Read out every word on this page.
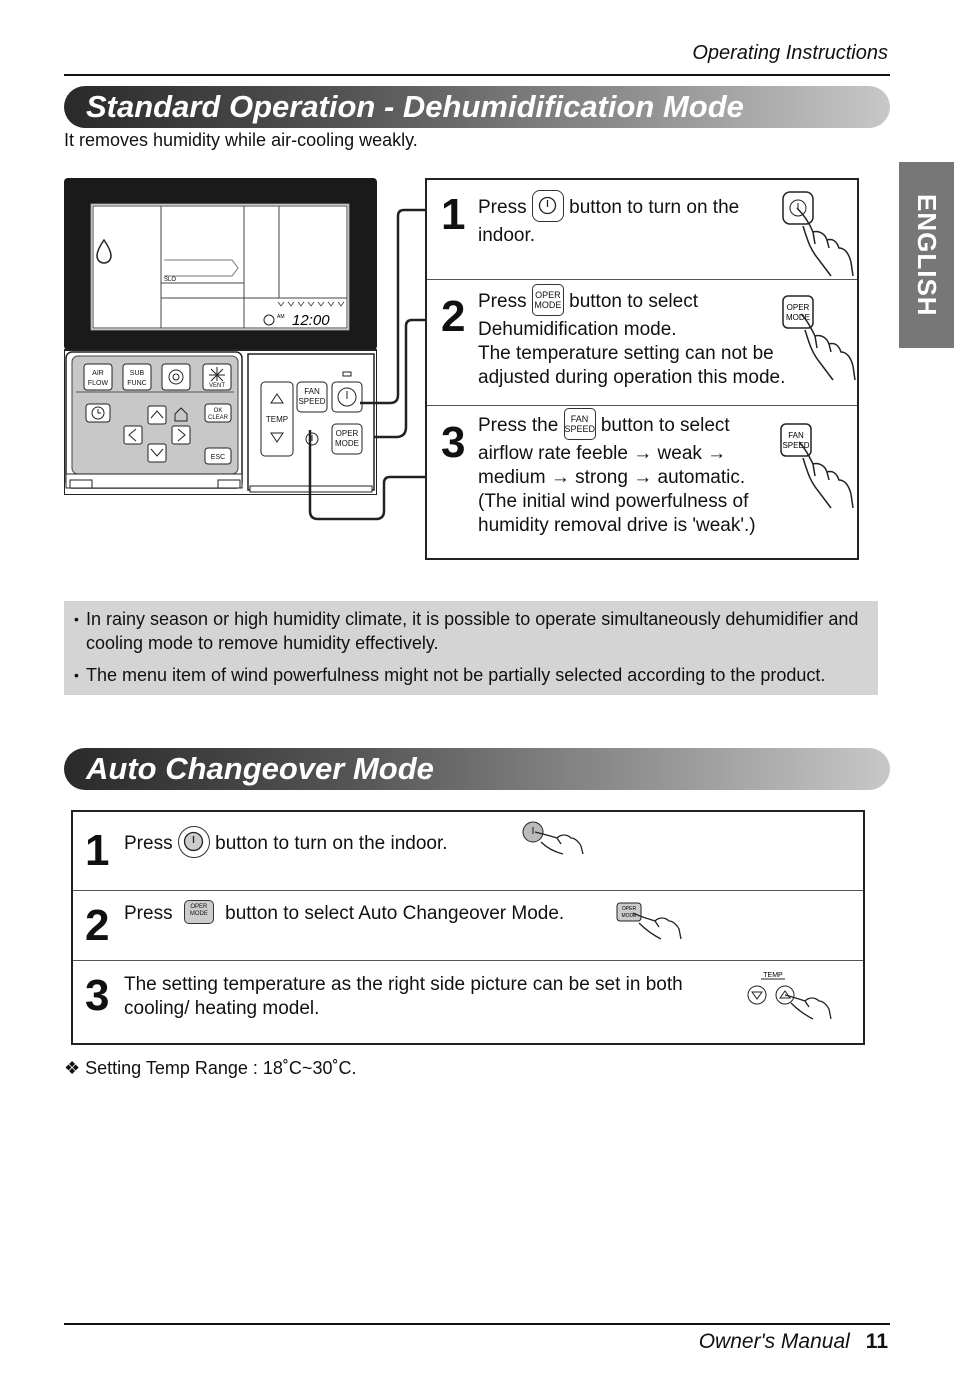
Operating Instructions
ENGLISH
Standard Operation - Dehumidification Mode
It removes humidity while air-cooling weakly.
SLO
AM 12:00
AIR
FLOW
SUB
FUNC	VENT
OK
CLEAR
ESC
TEMP
FAN
SPEED
OPER
MODE
1 Press button to turn on the indoor.
2 Press OPER
MODE button to select Dehumidification mode.
The temperature setting can not be adjusted during operation this mode.
OPER
MODE
3 Press the FAN
SPEED button to select
airflow rate feeble → weak →
medium → strong → automatic.
(The initial wind powerfulness of
humidity removal drive is 'weak'.)
FAN
SPEED
• In rainy season or high humidity climate, it is possible to operate simultaneously dehumidifier and cooling mode to remove humidity effectively.
• The menu item of wind powerfulness might not be partially selected according to the product.
Auto Changeover Mode
1 Press button to turn on the indoor.
2 Press	OPER
MODE button to select Auto Changeover Mode.	OPER
MODE
3 The setting temperature as the right side picture can be set in both cooling/ heating model.
TEMP
❖ Setting Temp Range : 18˚C~30˚C.
Owner's Manual 11
